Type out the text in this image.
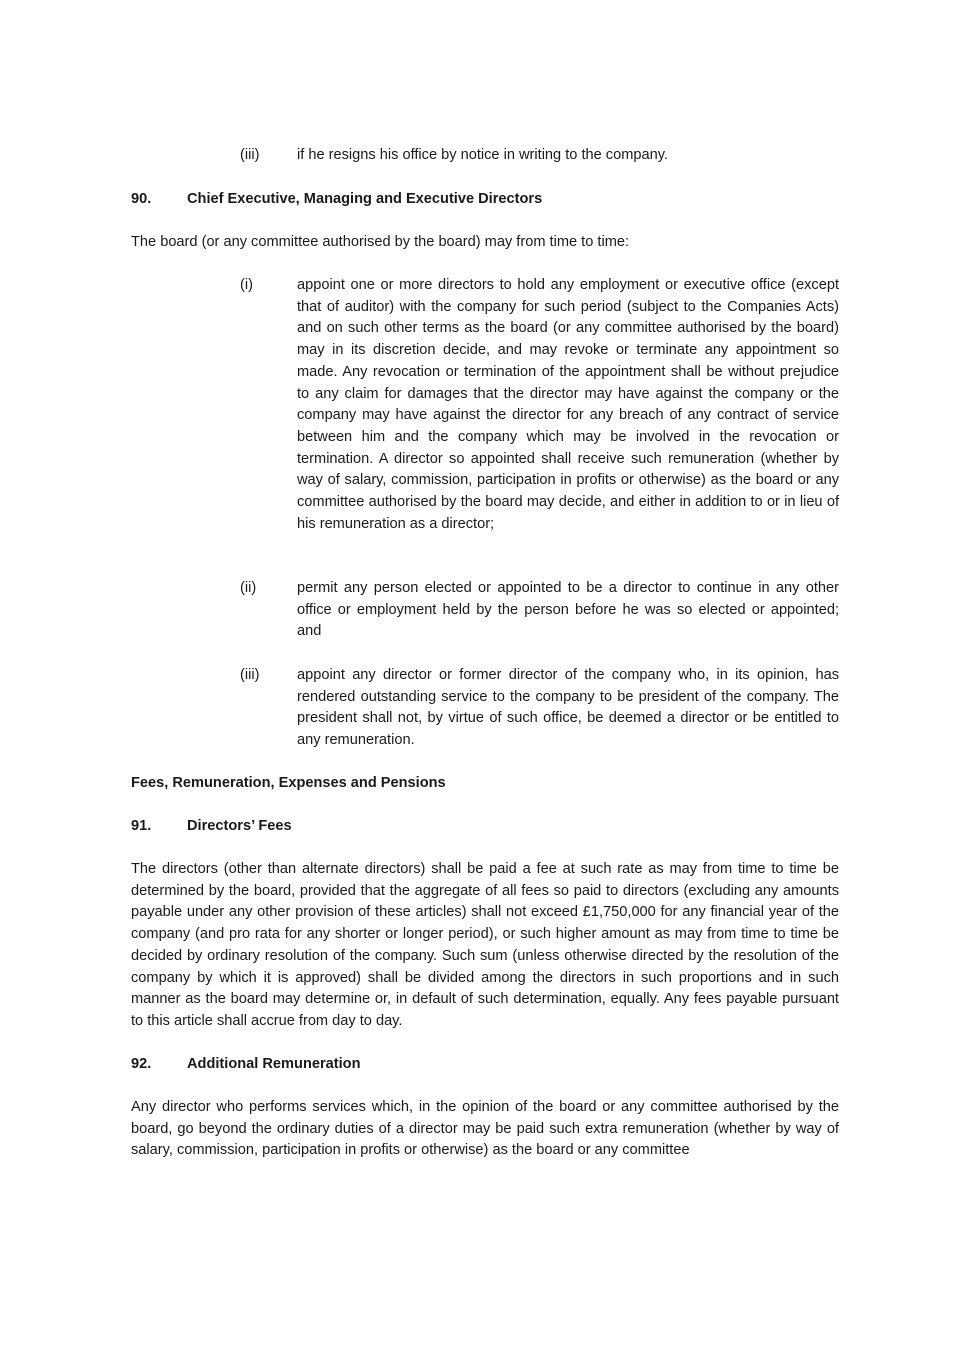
(iii)	if he resigns his office by notice in writing to the company.
90. Chief Executive, Managing and Executive Directors
The board (or any committee authorised by the board) may from time to time:
(i)	appoint one or more directors to hold any employment or executive office (except that of auditor) with the company for such period (subject to the Companies Acts) and on such other terms as the board (or any committee authorised by the board) may in its discretion decide, and may revoke or terminate any appointment so made. Any revocation or termination of the appointment shall be without prejudice to any claim for damages that the director may have against the company or the company may have against the director for any breach of any contract of service between him and the company which may be involved in the revocation or termination. A director so appointed shall receive such remuneration (whether by way of salary, commission, participation in profits or otherwise) as the board or any committee authorised by the board may decide, and either in addition to or in lieu of his remuneration as a director;
(ii)	permit any person elected or appointed to be a director to continue in any other office or employment held by the person before he was so elected or appointed; and
(iii)	appoint any director or former director of the company who, in its opinion, has rendered outstanding service to the company to be president of the company. The president shall not, by virtue of such office, be deemed a director or be entitled to any remuneration.
Fees, Remuneration, Expenses and Pensions
91. Directors’ Fees
The directors (other than alternate directors) shall be paid a fee at such rate as may from time to time be determined by the board, provided that the aggregate of all fees so paid to directors (excluding any amounts payable under any other provision of these articles) shall not exceed £1,750,000 for any financial year of the company (and pro rata for any shorter or longer period), or such higher amount as may from time to time be decided by ordinary resolution of the company. Such sum (unless otherwise directed by the resolution of the company by which it is approved) shall be divided among the directors in such proportions and in such manner as the board may determine or, in default of such determination, equally. Any fees payable pursuant to this article shall accrue from day to day.
92. Additional Remuneration
Any director who performs services which, in the opinion of the board or any committee authorised by the board, go beyond the ordinary duties of a director may be paid such extra remuneration (whether by way of salary, commission, participation in profits or otherwise) as the board or any committee
